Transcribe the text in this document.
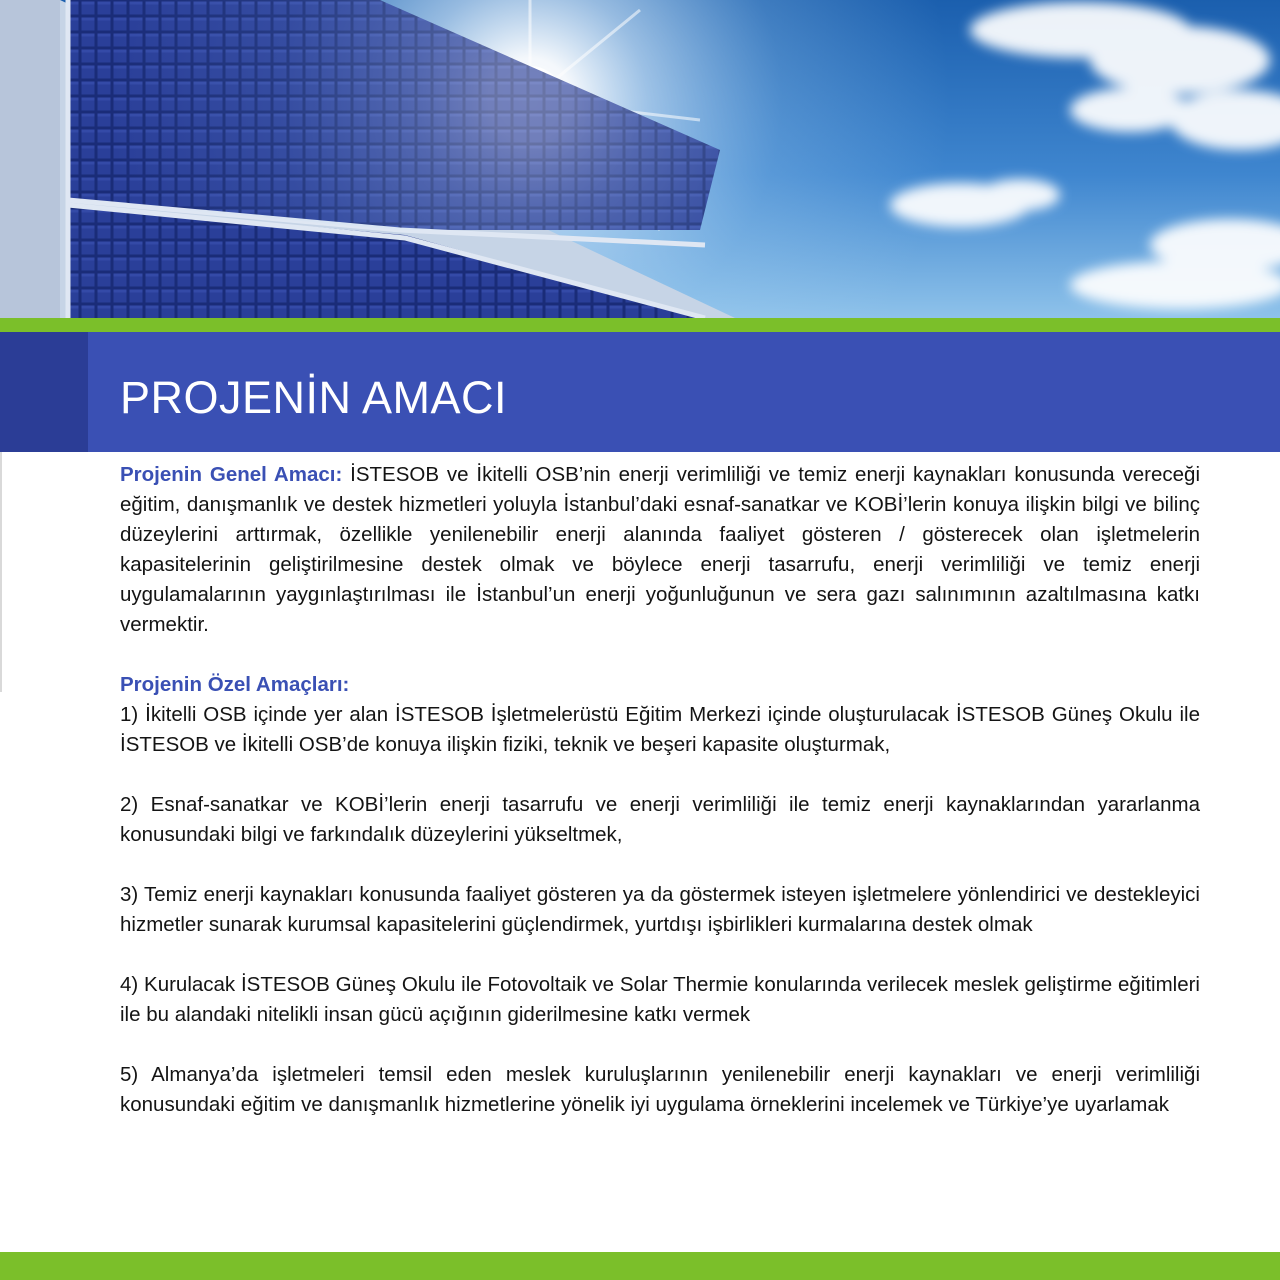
PROJENİN AMACI

Projenin Genel Amacı: İSTESOB ve İkitelli OSB’nin enerji verimliliği ve temiz enerji kaynakları konusunda vereceği eğitim, danışmanlık ve destek hizmetleri yoluyla İstanbul’daki esnaf-sanatkar ve KOBİ’lerin konuya ilişkin bilgi ve bilinç düzeylerini arttırmak, özellikle yenilenebilir enerji alanında faaliyet gösteren / gösterecek olan işletmelerin kapasitelerinin geliştirilmesine destek olmak ve böylece enerji tasarrufu, enerji verimliliği ve temiz enerji uygulamalarının yaygınlaştırılması ile İstanbul’un enerji yoğunluğunun ve sera gazı salınımının azaltılmasına katkı vermektir.

Projenin Özel Amaçları:

1) İkitelli OSB içinde yer alan İSTESOB İşletmelerüstü Eğitim Merkezi içinde oluşturulacak İSTESOB Güneş Okulu ile İSTESOB ve İkitelli OSB’de konuya ilişkin fiziki, teknik ve beşeri kapasite oluşturmak,

2) Esnaf-sanatkar ve KOBİ’lerin enerji tasarrufu ve enerji verimliliği ile temiz enerji kaynaklarından yararlanma konusundaki bilgi ve farkındalık düzeylerini yükseltmek,

3) Temiz enerji kaynakları konusunda faaliyet gösteren ya da göstermek isteyen işletmelere yönlendirici ve destekleyici hizmetler sunarak kurumsal kapasitelerini güçlendirmek, yurtdışı işbirlikleri kurmalarına destek olmak

4) Kurulacak İSTESOB Güneş Okulu ile Fotovoltaik ve Solar Thermie konularında verilecek meslek geliştirme eğitimleri ile bu alandaki nitelikli insan gücü açığının giderilmesine katkı vermek

5) Almanya’da işletmeleri temsil eden meslek kuruluşlarının yenilenebilir enerji kaynakları ve enerji verimliliği konusundaki eğitim ve danışmanlık hizmetlerine yönelik iyi uygulama örneklerini incelemek ve Türkiye’ye uyarlamak
